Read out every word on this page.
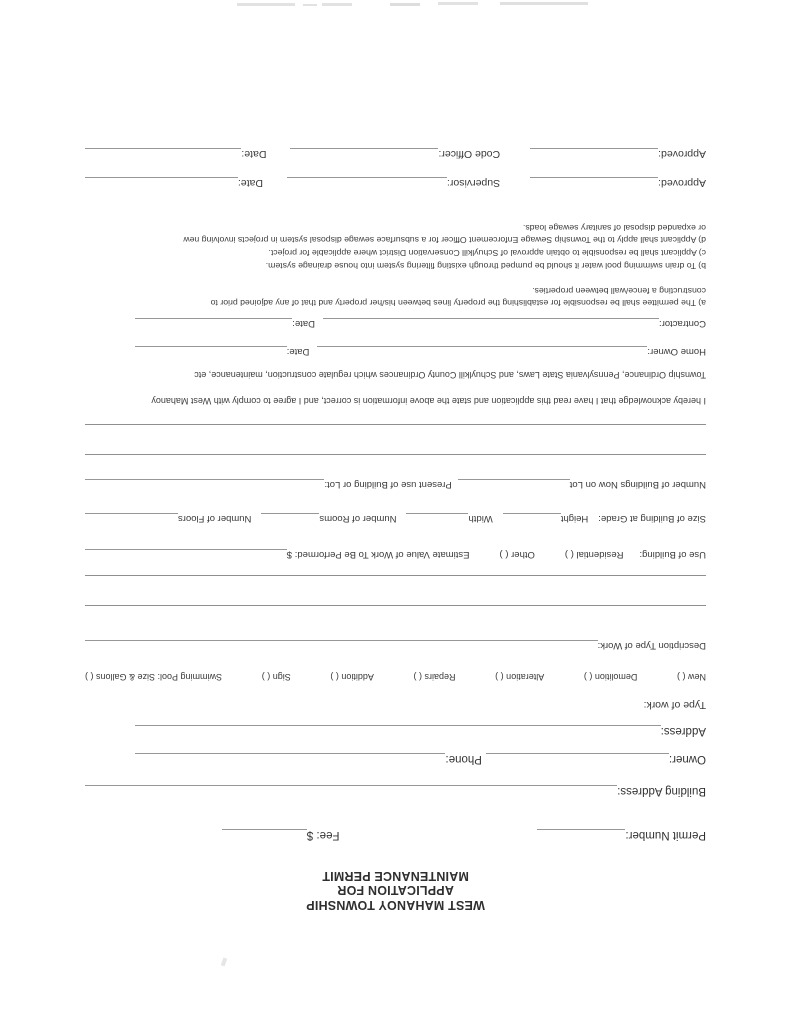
WEST MAHANOY TOWNSHIP
APPLICATION FOR
MAINTENANCE PERMIT
Permit Number:
Fee: $
Building Address:
Owner:
Phone:
Address:
Type of work:
New ( )
Demolition ( )
Alteration ( )
Repairs ( )
Addition ( )
Sign ( )
Swimming Pool: Size & Gallons ( )
Description Type of Work:
Use of Building:
Residential ( )
Other ( )
Estimate Value of Work To Be Performed: $
Size of Building at Grade:
Height
Width
Number of Rooms
Number of Floors
Number of Buildings Now on Lot
Present use of Building or Lot:
I hereby acknowledge that I have read this application and state the above information is correct, and I agree to comply with West Mahanoy
Township Ordinance, Pennsylvania State Laws, and Schuylkill County Ordinances which regulate construction, maintenance, etc
Home Owner:
Date:
Contractor:
Date:
a) The permittee shall be responsible for establishing the property lines between his/her property and that of any adjoined prior to
constructing a fence/wall between properties.
b) To drain swimming pool water it should be pumped through existing filtering system into house drainage system.
c) Applicant shall be responsible to obtain approval of Schuylkill Conservation District where applicable for project.
d) Applicant shall apply to the Township Sewage Enforcement Officer for a subsurface sewage disposal system in projects involving new
or expanded disposal of sanitary sewage loads.
Approved:
Supervisor:
Date:
Approved:
Code Officer:
Date:
